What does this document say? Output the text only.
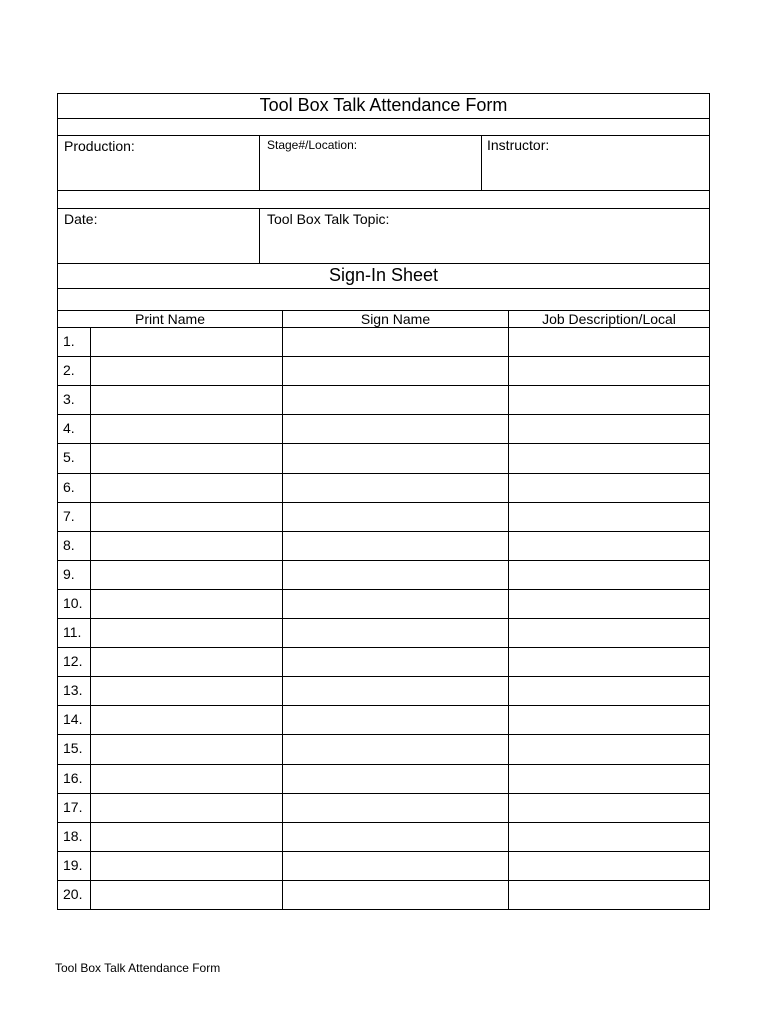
Tool Box Talk Attendance Form
Production:	Stage#/Location:	Instructor:
Date:	Tool Box Talk Topic:
Sign-In Sheet
Print Name	Sign Name	Job Description/Local
1.
2.
3.
4.
5.
6.
7.
8.
9.
10.
11.
12.
13.
14.
15.
16.
17.
18.
19.
20.
Tool Box Talk Attendance Form
